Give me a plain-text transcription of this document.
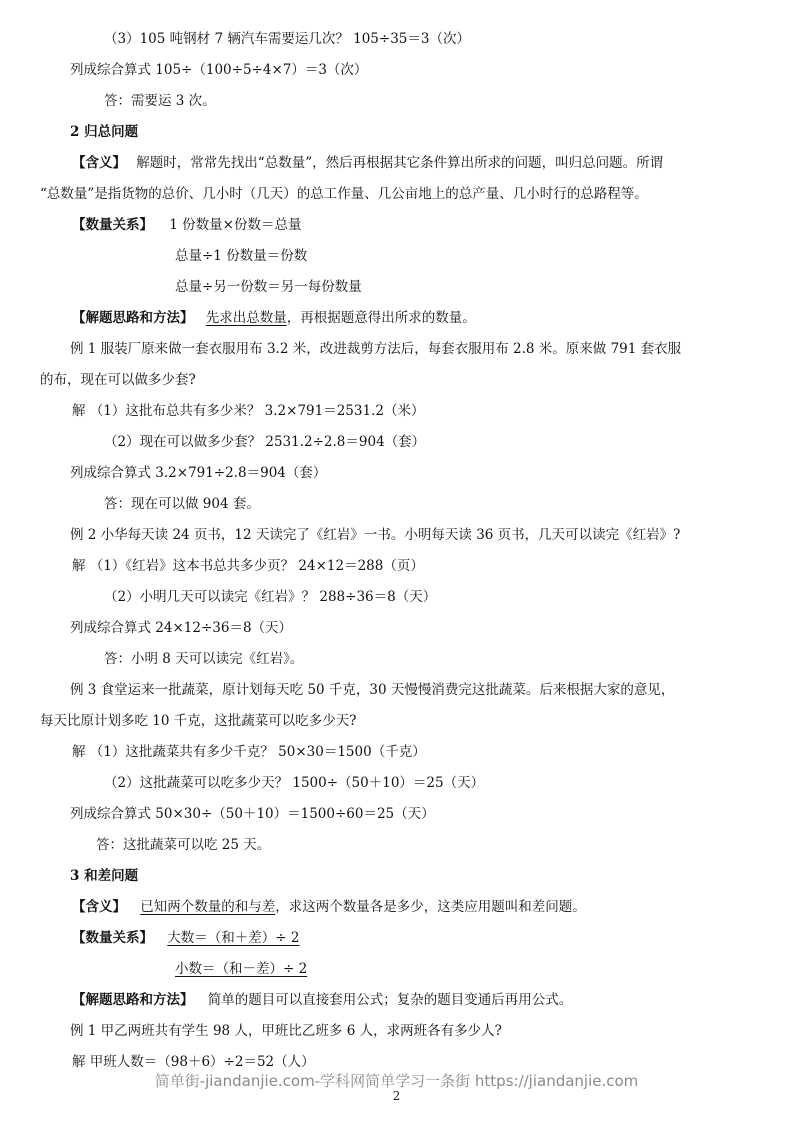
（3）105 吨钢材 7 辆汽车需要运几次？ 105÷35＝3（次）
列成综合算式 105÷（100÷5÷4×7）＝3（次）
答：需要运 3 次。
2 归总问题
【含义】 解题时，常常先找出“总数量”，然后再根据其它条件算出所求的问题，叫归总问题。所谓
“总数量”是指货物的总价、几小时（几天）的总工作量、几公亩地上的总产量、几小时行的总路程等。
【数量关系】 1 份数量×份数＝总量
总量÷1 份数量＝份数
总量÷另一份数＝另一每份数量
【解题思路和方法】 先求出总数量，再根据题意得出所求的数量。
例 1 服装厂原来做一套衣服用布 3.2 米，改进裁剪方法后，每套衣服用布 2.8 米。原来做 791 套衣服
的布，现在可以做多少套?
解 （1）这批布总共有多少米？ 3.2×791＝2531.2（米）
（2）现在可以做多少套？ 2531.2÷2.8＝904（套）
列成综合算式 3.2×791÷2.8＝904（套）
答：现在可以做 904 套。
例 2 小华每天读 24 页书，12 天读完了《红岩》一书。小明每天读 36 页书，几天可以读完《红岩》?
解 （1）《红岩》这本书总共多少页？ 24×12＝288（页）
（2）小明几天可以读完《红岩》？ 288÷36＝8（天）
列成综合算式 24×12÷36＝8（天）
答：小明 8 天可以读完《红岩》。
例 3 食堂运来一批蔬菜，原计划每天吃 50 千克，30 天慢慢消费完这批蔬菜。后来根据大家的意见，
每天比原计划多吃 10 千克，这批蔬菜可以吃多少天?
解 （1）这批蔬菜共有多少千克？ 50×30＝1500（千克）
（2）这批蔬菜可以吃多少天？ 1500÷（50＋10）＝25（天）
列成综合算式 50×30÷（50＋10）＝1500÷60＝25（天）
答：这批蔬菜可以吃 25 天。
3 和差问题
【含义】 已知两个数量的和与差，求这两个数量各是多少，这类应用题叫和差问题。
【数量关系】 大数＝（和＋差）÷ 2
小数＝（和－差）÷ 2
【解题思路和方法】 简单的题目可以直接套用公式；复杂的题目变通后再用公式。
例 1 甲乙两班共有学生 98 人，甲班比乙班多 6 人，求两班各有多少人?
解 甲班人数＝（98＋6）÷2＝52（人）
简单街-jiandanjie.com-学科网简单学习一条街 https://jiandanjie.com
2
